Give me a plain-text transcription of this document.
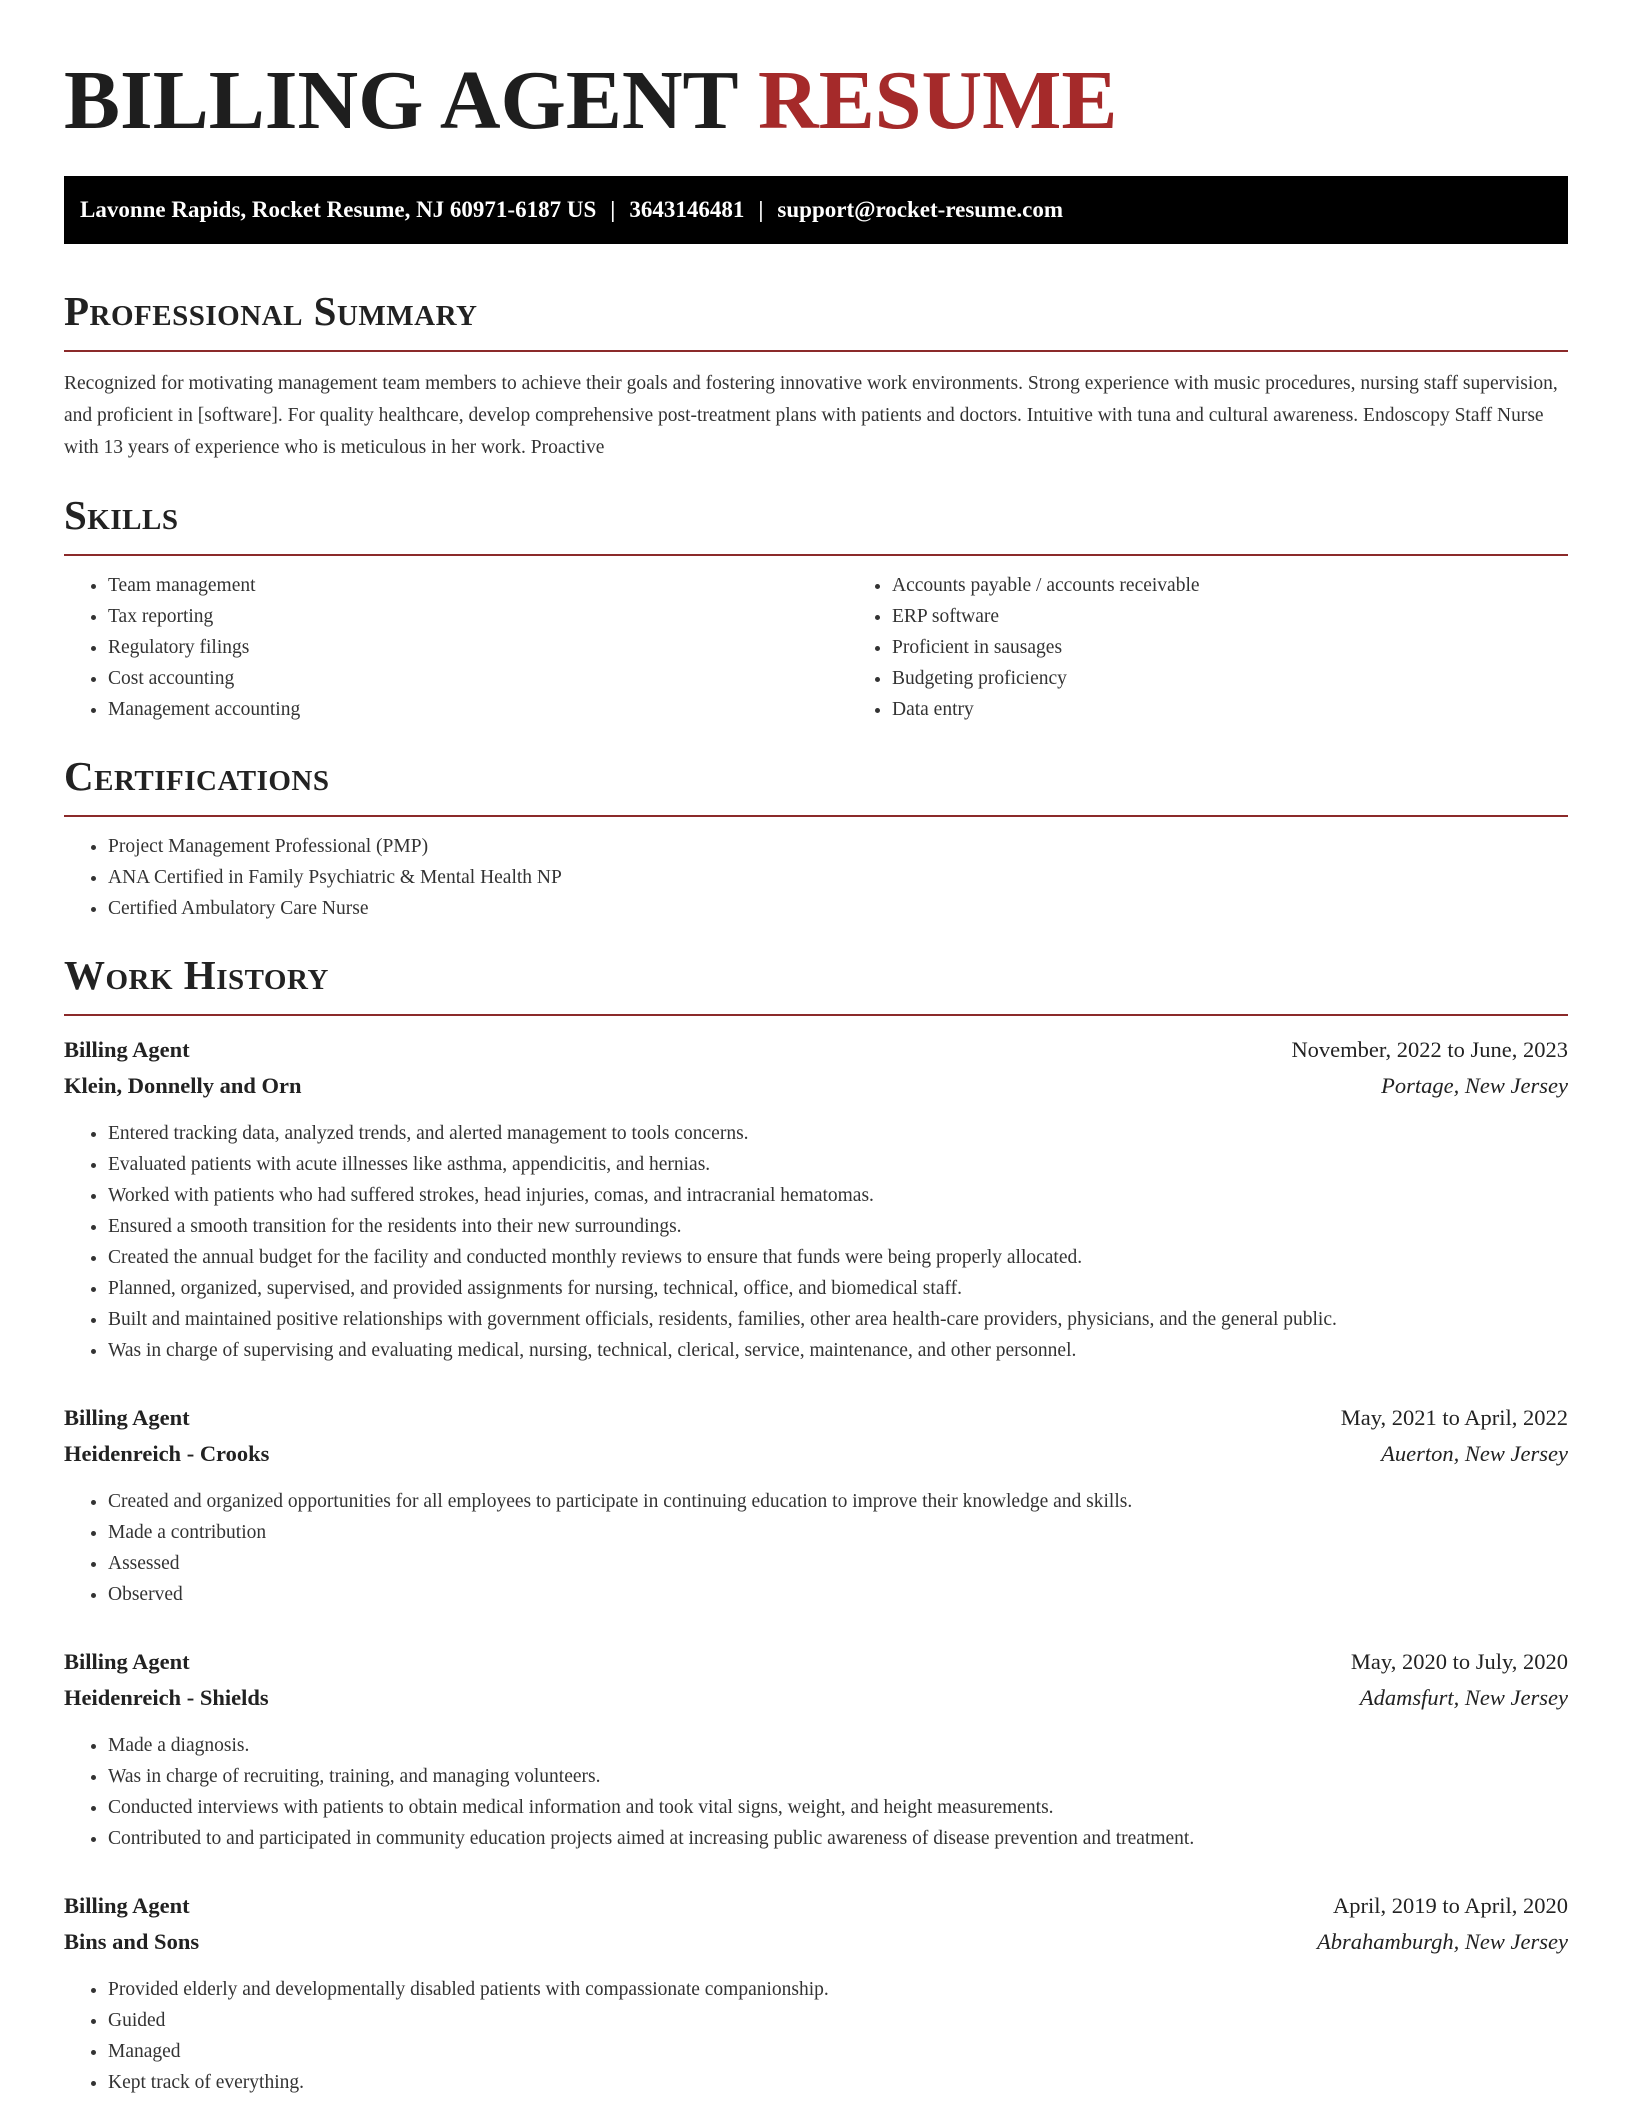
BILLING AGENT RESUME
Lavonne Rapids, Rocket Resume, NJ 60971-6187 US | 3643146481 | support@rocket-resume.com
Professional Summary

Recognized for motivating management team members to achieve their goals and fostering innovative work environments. Strong experience with music procedures, nursing staff supervision, and proficient in [software]. For quality healthcare, develop comprehensive post-treatment plans with patients and doctors. Intuitive with tuna and cultural awareness. Endoscopy Staff Nurse with 13 years of experience who is meticulous in her work. Proactive

Skills
• Team management
• Tax reporting
• Regulatory filings
• Cost accounting
• Management accounting
• Accounts payable / accounts receivable
• ERP software
• Proficient in sausages
• Budgeting proficiency
• Data entry
Certifications
• Project Management Professional (PMP)
• ANA Certified in Family Psychiatric & Mental Health NP
• Certified Ambulatory Care Nurse
Work History
Billing Agent	November, 2022 to June, 2023
Klein, Donnelly and Orn	Portage, New Jersey
• Entered tracking data, analyzed trends, and alerted management to tools concerns.
• Evaluated patients with acute illnesses like asthma, appendicitis, and hernias.
• Worked with patients who had suffered strokes, head injuries, comas, and intracranial hematomas.
• Ensured a smooth transition for the residents into their new surroundings.
• Created the annual budget for the facility and conducted monthly reviews to ensure that funds were being properly allocated.
• Planned, organized, supervised, and provided assignments for nursing, technical, office, and biomedical staff.
• Built and maintained positive relationships with government officials, residents, families, other area health-care providers, physicians, and the general public.
• Was in charge of supervising and evaluating medical, nursing, technical, clerical, service, maintenance, and other personnel.
Billing Agent	May, 2021 to April, 2022
Heidenreich - Crooks	Auerton, New Jersey
• Created and organized opportunities for all employees to participate in continuing education to improve their knowledge and skills.
• Made a contribution
• Assessed
• Observed
Billing Agent	May, 2020 to July, 2020
Heidenreich - Shields	Adamsfurt, New Jersey
• Made a diagnosis.
• Was in charge of recruiting, training, and managing volunteers.
• Conducted interviews with patients to obtain medical information and took vital signs, weight, and height measurements.
• Contributed to and participated in community education projects aimed at increasing public awareness of disease prevention and treatment.
Billing Agent	April, 2019 to April, 2020
Bins and Sons	Abrahamburgh, New Jersey
• Provided elderly and developmentally disabled patients with compassionate companionship.
• Guided
• Managed
• Kept track of everything.
